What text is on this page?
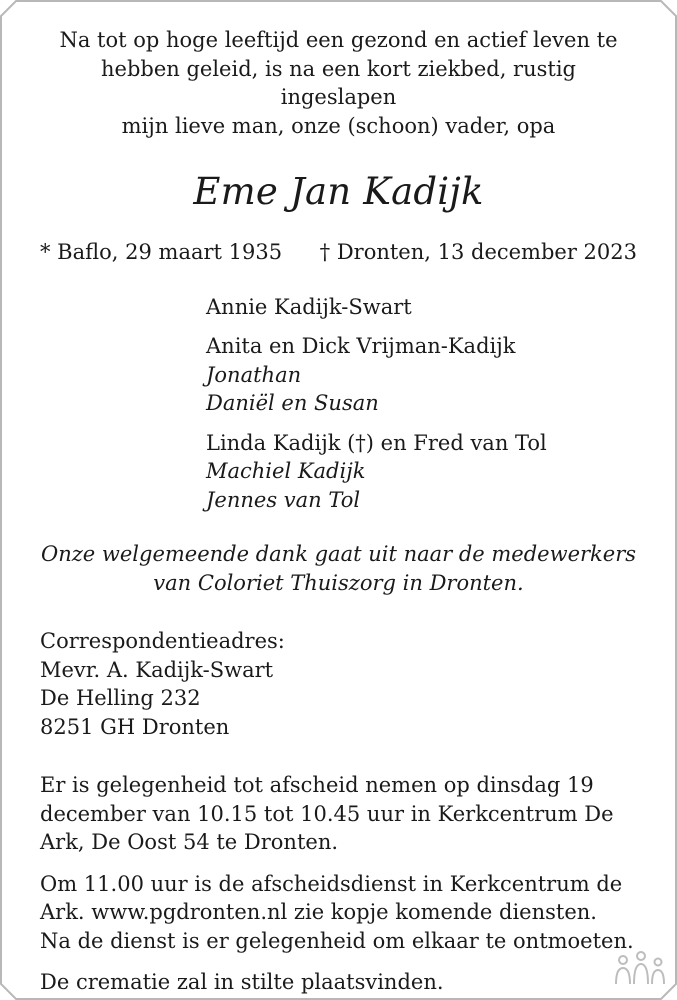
Na tot op hoge leeftijd een gezond en actief leven te
hebben geleid, is na een kort ziekbed, rustig ingeslapen
mijn lieve man, onze (schoon) vader, opa
Eme Jan Kadijk
* Baflo, 29 maart 1935 † Dronten, 13 december 2023
Annie Kadijk-Swart
Anita en Dick Vrijman-Kadijk
Jonathan
Daniël en Susan
Linda Kadijk (†) en Fred van Tol
Machiel Kadijk
Jennes van Tol
Onze welgemeende dank gaat uit naar de medewerkers
van Coloriet Thuiszorg in Dronten.
Correspondentieadres:
Mevr. A. Kadijk-Swart
De Helling 232
8251 GH Dronten
Er is gelegenheid tot afscheid nemen op dinsdag 19
december van 10.15 tot 10.45 uur in Kerkcentrum De
Ark, De Oost 54 te Dronten.
Om 11.00 uur is de afscheidsdienst in Kerkcentrum de
Ark. www.pgdronten.nl zie kopje komende diensten.
Na de dienst is er gelegenheid om elkaar te ontmoeten.
De crematie zal in stilte plaatsvinden.
